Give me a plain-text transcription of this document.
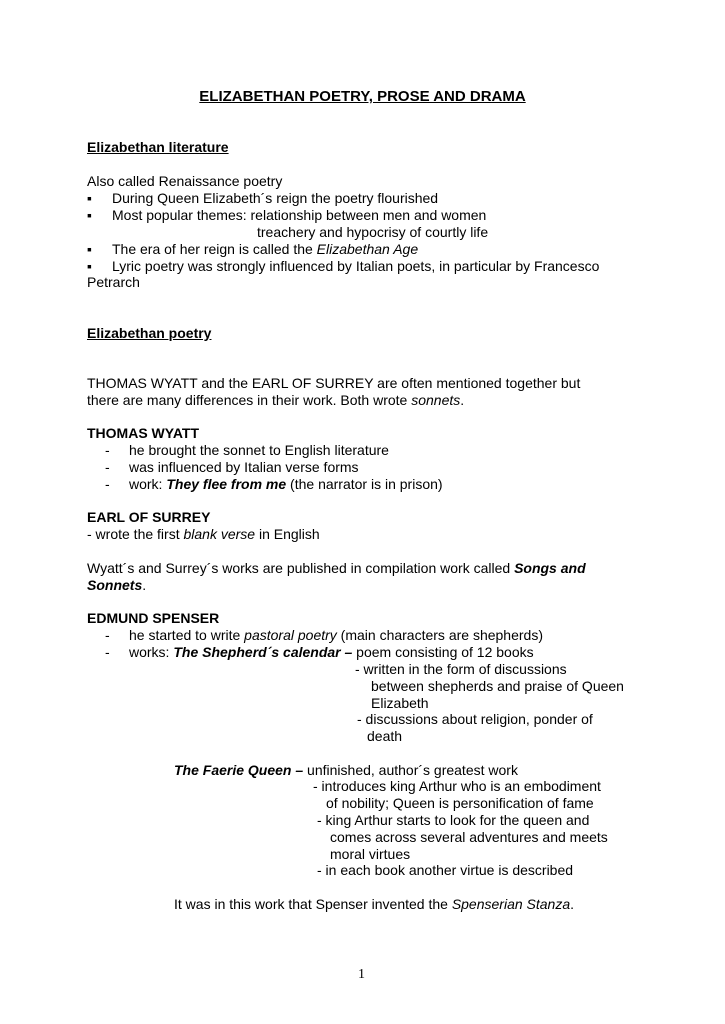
ELIZABETHAN POETRY, PROSE AND DRAMA
Elizabethan literature
Also called Renaissance poetry
▪ During Queen Elizabeth´s reign the poetry flourished
▪ Most popular themes: relationship between men and women
treachery and hypocrisy of courtly life
▪ The era of her reign is called the Elizabethan Age
▪ Lyric poetry was strongly influenced by Italian poets, in particular by Francesco
Petrarch
Elizabethan poetry
THOMAS WYATT and the EARL OF SURREY are often mentioned together but
there are many differences in their work. Both wrote sonnets.
THOMAS WYATT
- he brought the sonnet to English literature
- was influenced by Italian verse forms
- work: They flee from me (the narrator is in prison)
EARL OF SURREY
- wrote the first blank verse in English
Wyatt´s and Surrey´s works are published in compilation work called Songs and
Sonnets.
EDMUND SPENSER
- he started to write pastoral poetry (main characters are shepherds)
- works: The Shepherd´s calendar – poem consisting of 12 books
- written in the form of discussions
between shepherds and praise of Queen
Elizabeth
- discussions about religion, ponder of
death
The Faerie Queen – unfinished, author´s greatest work
- introduces king Arthur who is an embodiment
of nobility; Queen is personification of fame
- king Arthur starts to look for the queen and
comes across several adventures and meets
moral virtues
- in each book another virtue is described
It was in this work that Spenser invented the Spenserian Stanza.
1
